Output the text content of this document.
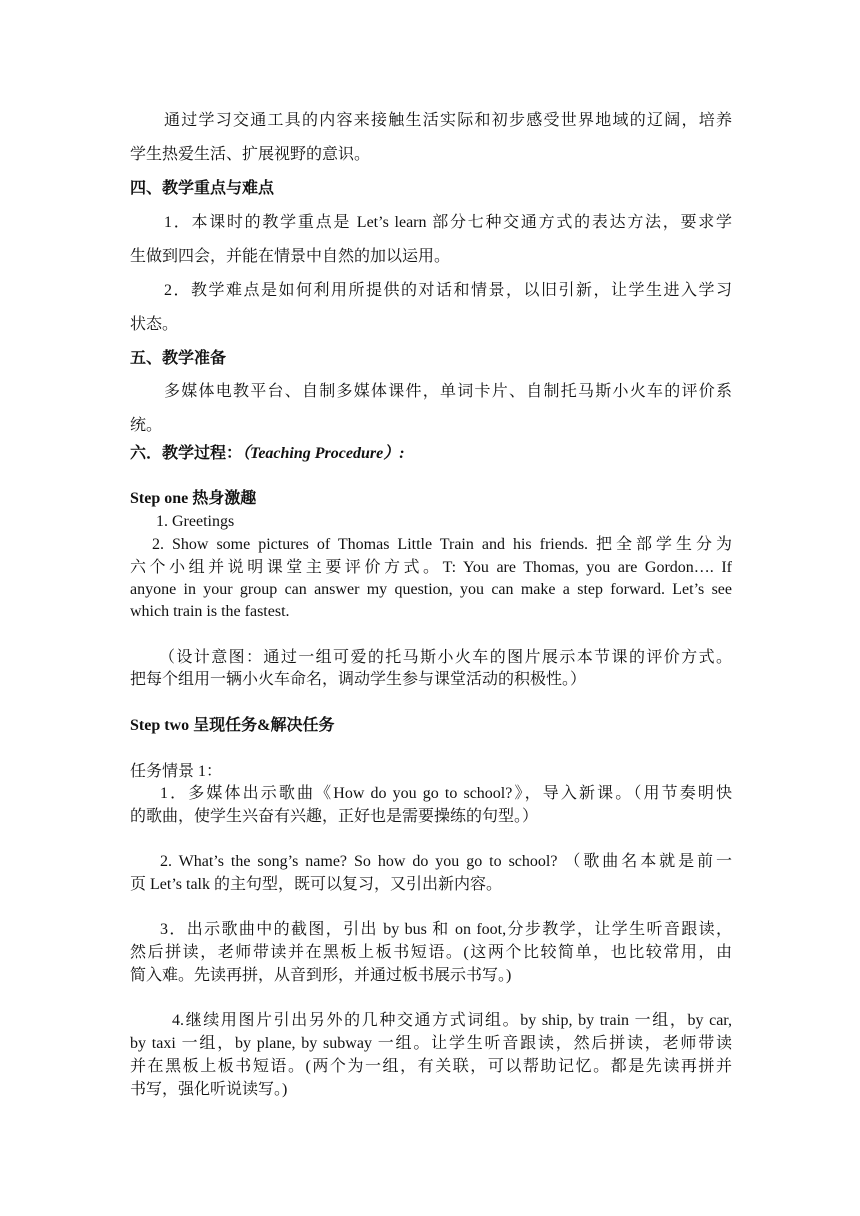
通过学习交通工具的内容来接触生活实际和初步感受世界地域的辽阔，培养
学生热爱生活、扩展视野的意识。
四、教学重点与难点
1．本课时的教学重点是 Let’s learn 部分七种交通方式的表达方法，要求学
生做到四会，并能在情景中自然的加以运用。
2．教学难点是如何利用所提供的对话和情景，以旧引新，让学生进入学习
状态。
五、教学准备
多媒体电教平台、自制多媒体课件，单词卡片、自制托马斯小火车的评价系
统。
六．教学过程：（Teaching Procedure）:
Step one 热身激趣
1. Greetings
2. Show some pictures of Thomas Little Train and his friends. 把全部学生分为
六个小组并说明课堂主要评价方式。T: You are Thomas, you are Gordon…. If
anyone in your group can answer my question, you can make a step forward. Let’s see
which train is the fastest.
（设计意图：通过一组可爱的托马斯小火车的图片展示本节课的评价方式。
把每个组用一辆小火车命名，调动学生参与课堂活动的积极性。）
Step two 呈现任务&解决任务
任务情景 1：
1．多媒体出示歌曲《How do you go to school?》，导入新课。（用节奏明快
的歌曲，使学生兴奋有兴趣，正好也是需要操练的句型。）
2. What’s the song’s name? So how do you go to school? （歌曲名本就是前一
页 Let’s talk 的主句型，既可以复习，又引出新内容。
3．出示歌曲中的截图，引出 by bus 和 on foot,分步教学，让学生听音跟读，
然后拼读，老师带读并在黑板上板书短语。(这两个比较简单，也比较常用，由
简入难。先读再拼，从音到形，并通过板书展示书写。)
4.继续用图片引出另外的几种交通方式词组。by ship, by train 一组，by car,
by taxi 一组，by plane, by subway 一组。让学生听音跟读，然后拼读，老师带读
并在黑板上板书短语。(两个为一组，有关联，可以帮助记忆。都是先读再拼并
书写，强化听说读写。)
